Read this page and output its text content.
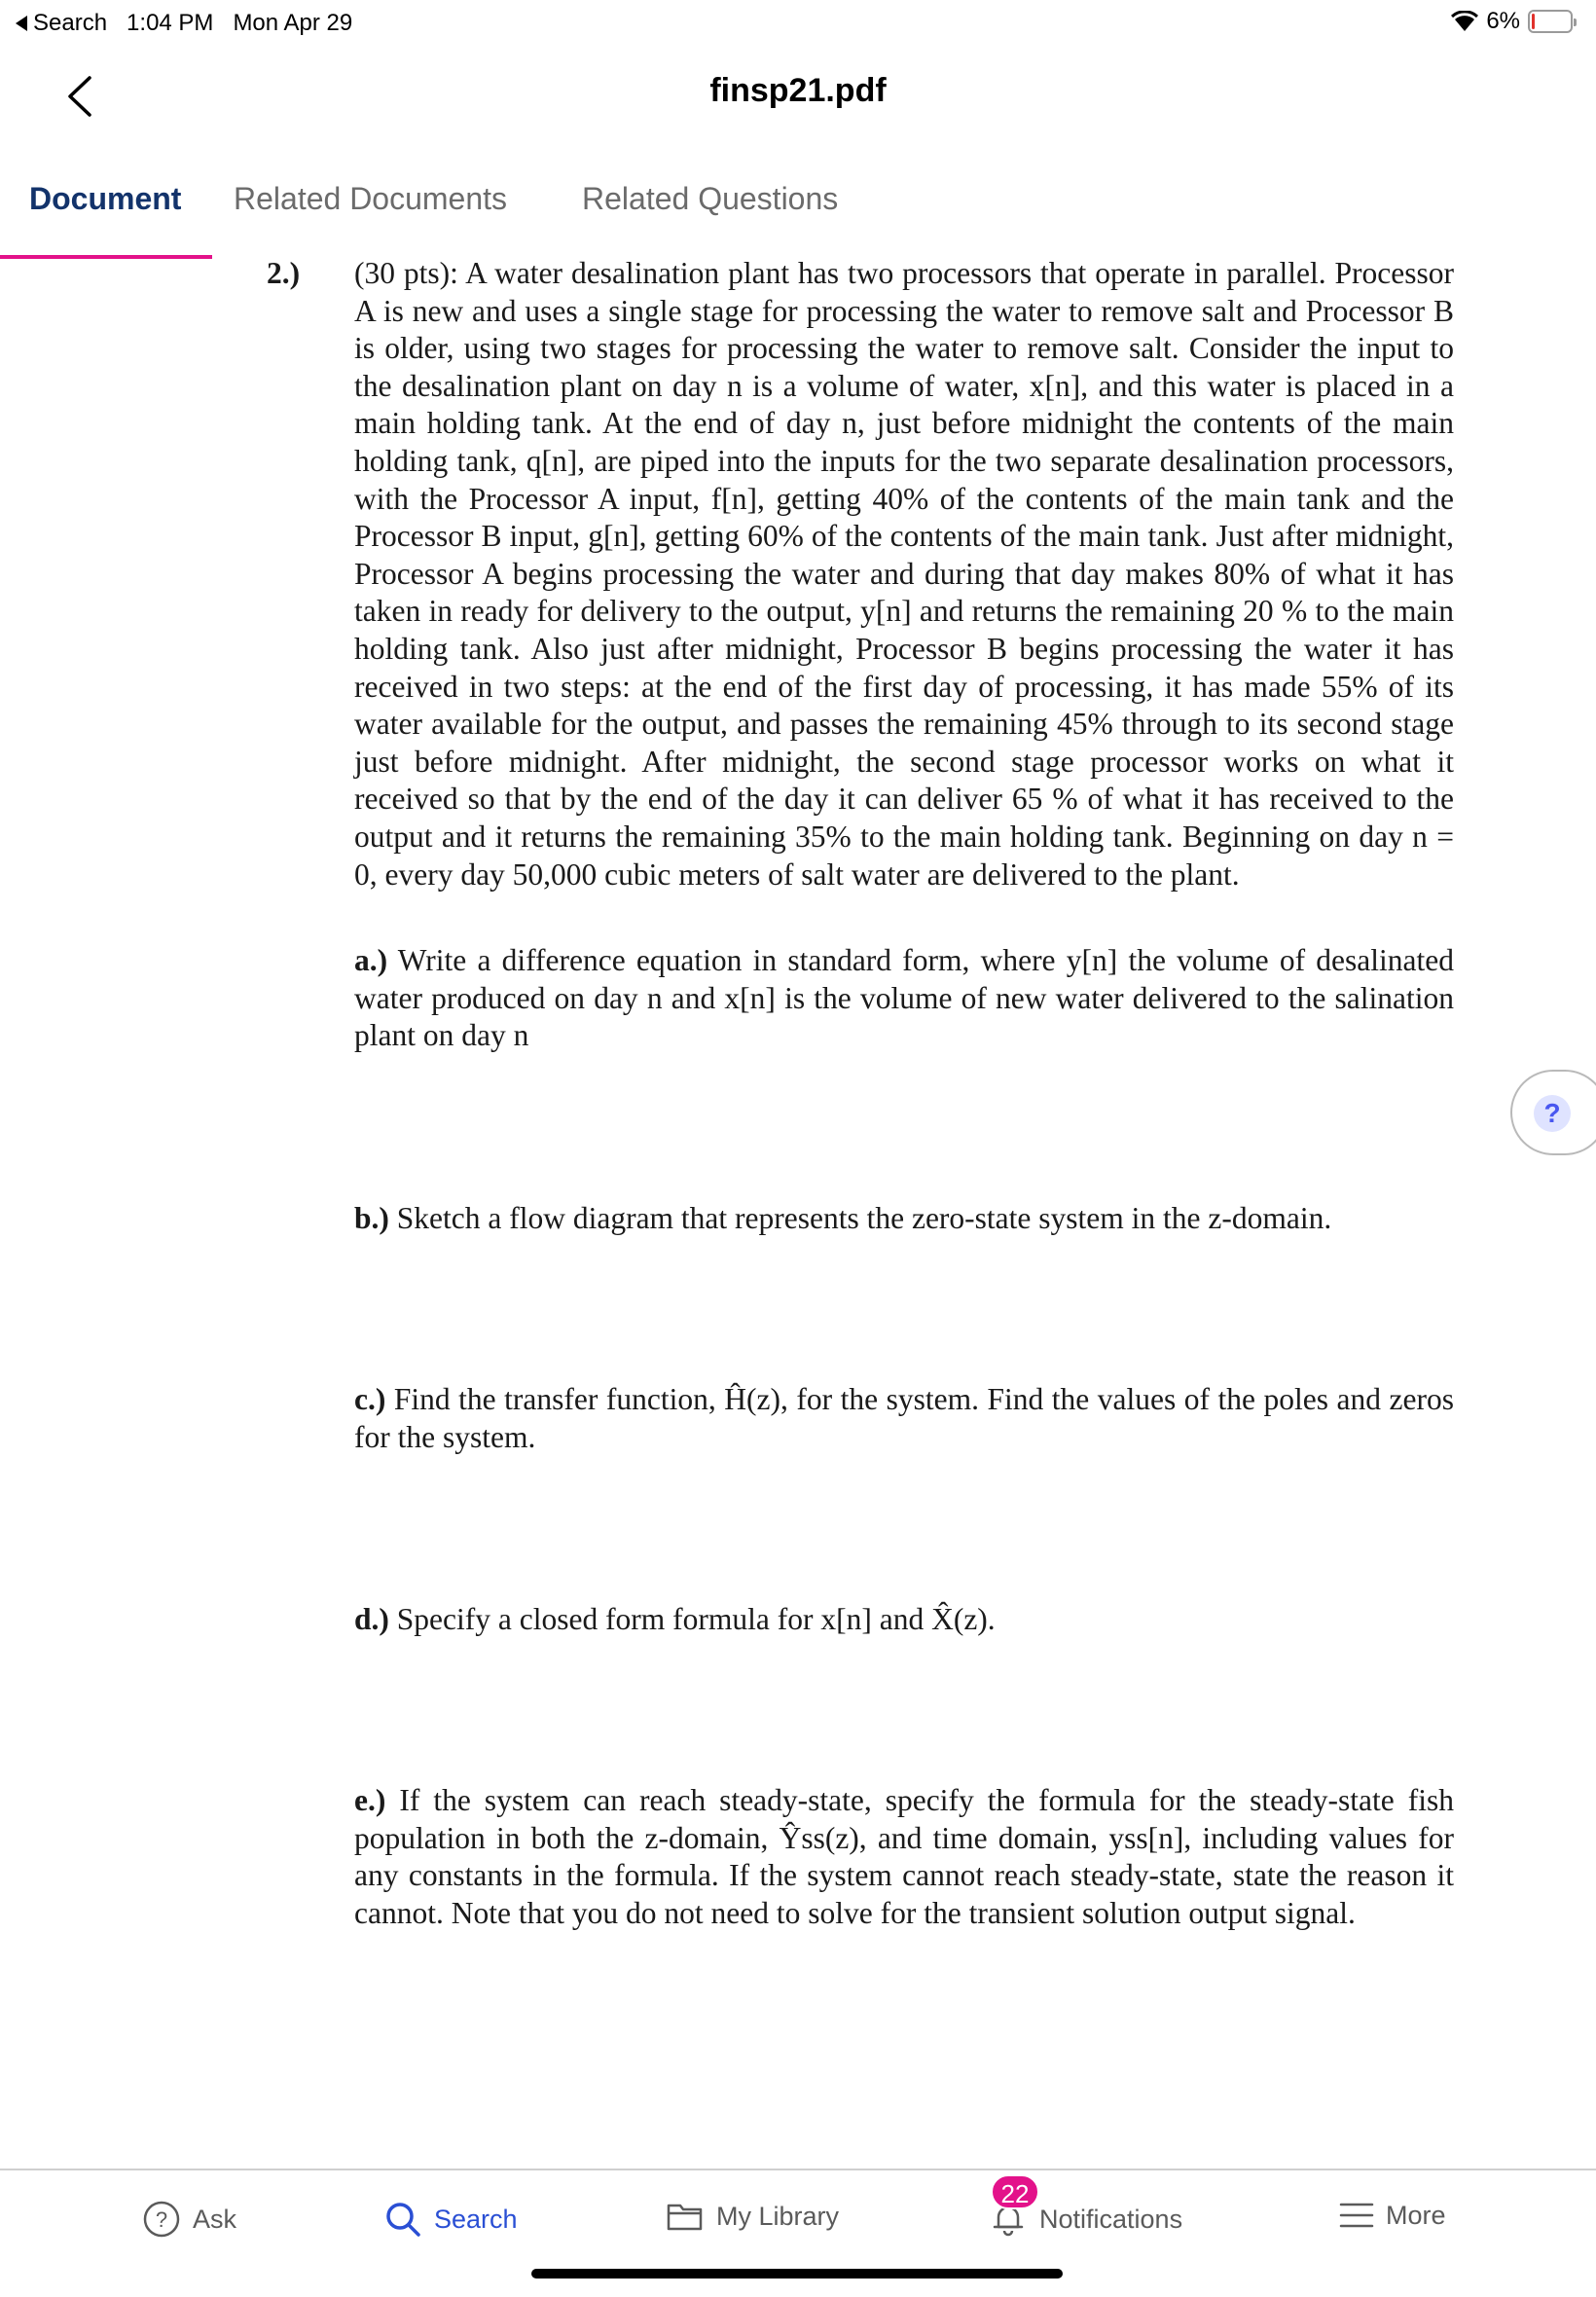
Search 1:04 PM Mon Apr 29	6%
finsp21.pdf
Document Related Documents Related Questions
2.) (30 pts): A water desalination plant has two processors that operate in parallel. Processor A is new and uses a single stage for processing the water to remove salt and Processor B is older, using two stages for processing the water to remove salt. Consider the input to the desalination plant on day n is a volume of water, x[n], and this water is placed in a main holding tank. At the end of day n, just before midnight the contents of the main holding tank, q[n], are piped into the inputs for the two separate desalination processors, with the Processor A input, f[n], getting 40% of the contents of the main tank and the Processor B input, g[n], getting 60% of the contents of the main tank. Just after midnight, Processor A begins processing the water and during that day makes 80% of what it has taken in ready for delivery to the output, y[n] and returns the remaining 20 % to the main holding tank. Also just after midnight, Processor B begins processing the water it has received in two steps: at the end of the first day of processing, it has made 55% of its water available for the output, and passes the remaining 45% through to its second stage just before midnight. After midnight, the second stage processor works on what it received so that by the end of the day it can deliver 65 % of what it has received to the output and it returns the remaining 35% to the main holding tank. Beginning on day n = 0, every day 50,000 cubic meters of salt water are delivered to the plant.
a.) Write a difference equation in standard form, where y[n] the volume of desalinated water produced on day n and x[n] is the volume of new water delivered to the salination plant on day n
b.) Sketch a flow diagram that represents the zero-state system in the z-domain.
c.) Find the transfer function, Ĥ(z), for the system. Find the values of the poles and zeros for the system.
d.) Specify a closed form formula for x[n] and X̂(z).
e.) If the system can reach steady-state, specify the formula for the steady-state fish population in both the z-domain, Ŷss(z), and time domain, yss[n], including values for any constants in the formula. If the system cannot reach steady-state, state the reason it cannot. Note that you do not need to solve for the transient solution output signal.
?
? Ask	Search	My Library	Notifications
22
More
